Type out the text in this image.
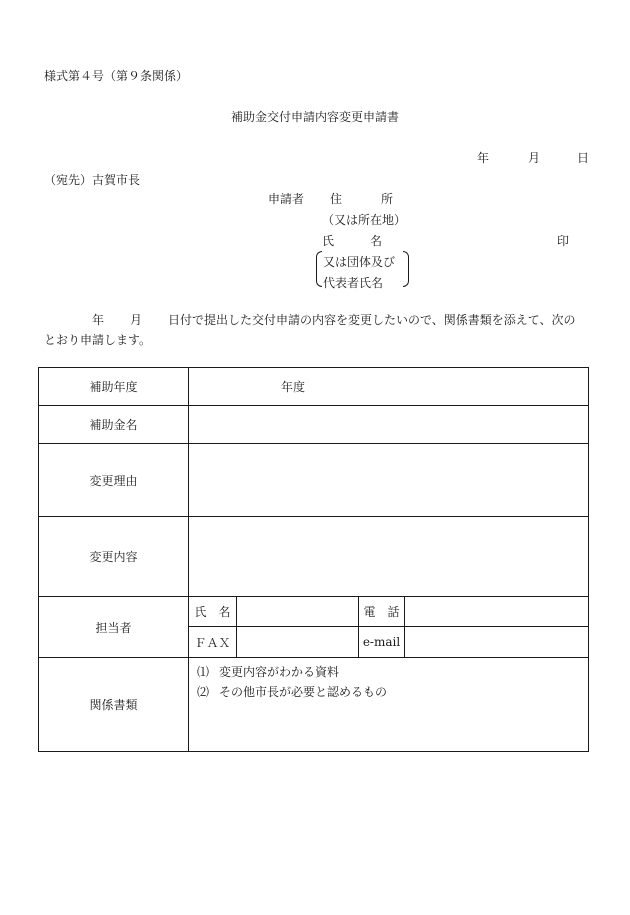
様式第４号（第９条関係）
補助金交付申請内容変更申請書
年	月	日
（宛先）古賀市長
申請者 住	所
（又は所在地）
氏	名	印
又は団体及び
代表者氏名
年 月 日付で提出した交付申請の内容を変更したいので、関係書類を添えて、次の
とおり申請します。
補助年度	年度			
補助金名				
変更理由				
変更内容				
担当者	氏　名		電　話	
	ＦＡＸ		e-mail	
関係書類	⑴ 変更内容がわかる資料
⑵ その他市長が必要と認めるもの			
